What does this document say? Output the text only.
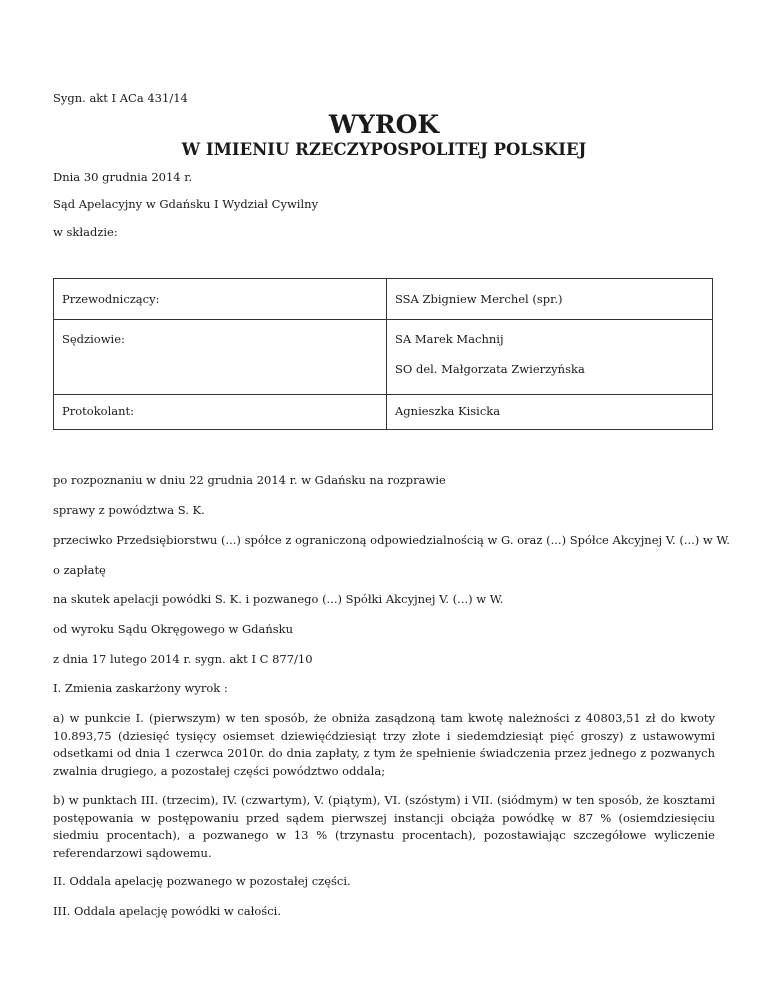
Sygn. akt I ACa 431/14

WYROK
W IMIENIU RZECZYPOSPOLITEJ POLSKIEJ

Dnia 30 grudnia 2014 r.

Sąd Apelacyjny w Gdańsku I Wydział Cywilny

w składzie:

Przewodniczący:	SSA Zbigniew Merchel (spr.)

Sędziowie:	SA Marek Machnij
SO del. Małgorzata Zwierzyńska

Protokolant:	Agnieszka Kisicka

po rozpoznaniu w dniu 22 grudnia 2014 r. w Gdańsku na rozprawie

sprawy z powództwa S. K.

przeciwko Przedsiębiorstwu (...) spółce z ograniczoną odpowiedzialnością w G. oraz (...) Spółce Akcyjnej V. (...) w W.

o zapłatę

na skutek apelacji powódki S. K. i pozwanego (...) Spółki Akcyjnej V. (...) w W.

od wyroku Sądu Okręgowego w Gdańsku

z dnia 17 lutego 2014 r. sygn. akt I C 877/10

I. Zmienia zaskarżony wyrok :

a) w punkcie I. (pierwszym) w ten sposób, że obniża zasądzoną tam kwotę należności z 40803,51 zł do kwoty 10.893,75 (dziesięć tysięcy osiemset dziewięćdziesiąt trzy złote i siedemdziesiąt pięć groszy) z ustawowymi odsetkami od dnia 1 czerwca 2010r. do dnia zapłaty, z tym że spełnienie świadczenia przez jednego z pozwanych zwalnia drugiego, a pozostałej części powództwo oddala;

b) w punktach III. (trzecim), IV. (czwartym), V. (piątym), VI. (szóstym) i VII. (siódmym) w ten sposób, że kosztami postępowania w postępowaniu przed sądem pierwszej instancji obciąża powódkę w 87 % (osiemdziesięciu siedmiu procentach), a pozwanego w 13 % (trzynastu procentach), pozostawiając szczegółowe wyliczenie referendarzowi sądowemu.

II. Oddala apelację pozwanego w pozostałej części.

III. Oddala apelację powódki w całości.
